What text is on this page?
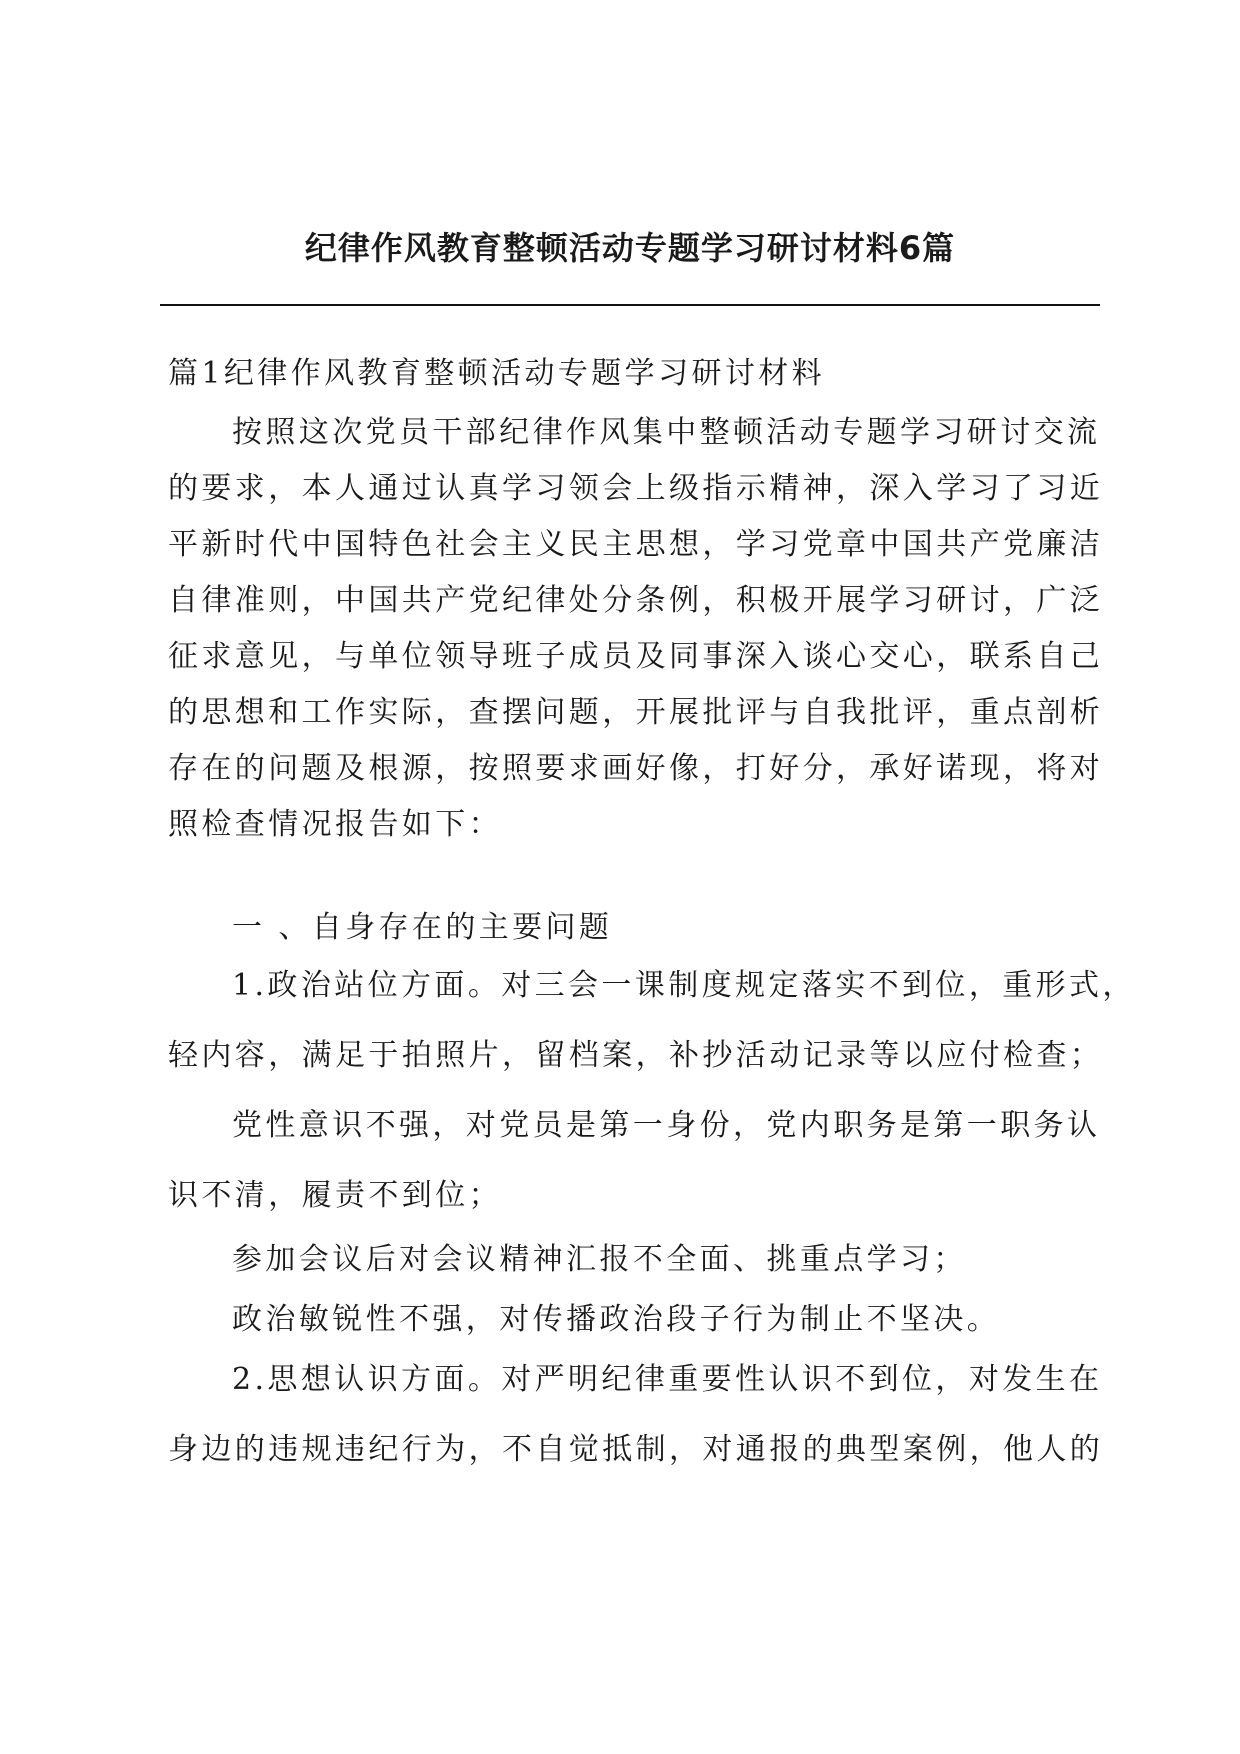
纪律作风教育整顿活动专题学习研讨材料6篇
篇1纪律作风教育整顿活动专题学习研讨材料
按照这次党员干部纪律作风集中整顿活动专题学习研讨交流
的要求，本人通过认真学习领会上级指示精神，深入学习了习近
平新时代中国特色社会主义民主思想，学习党章中国共产党廉洁
自律准则，中国共产党纪律处分条例，积极开展学习研讨，广泛
征求意见，与单位领导班子成员及同事深入谈心交心，联系自己
的思想和工作实际，查摆问题，开展批评与自我批评，重点剖析
存在的问题及根源，按照要求画好像，打好分，承好诺现，将对
照检查情况报告如下：
一 、自身存在的主要问题
1.政治站位方面。对三会一课制度规定落实不到位，重形式，
轻内容，满足于拍照片，留档案，补抄活动记录等以应付检查；
党性意识不强，对党员是第一身份，党内职务是第一职务认
识不清，履责不到位；
参加会议后对会议精神汇报不全面、挑重点学习；
政治敏锐性不强，对传播政治段子行为制止不坚决。
2.思想认识方面。对严明纪律重要性认识不到位，对发生在
身边的违规违纪行为，不自觉抵制，对通报的典型案例，他人的
